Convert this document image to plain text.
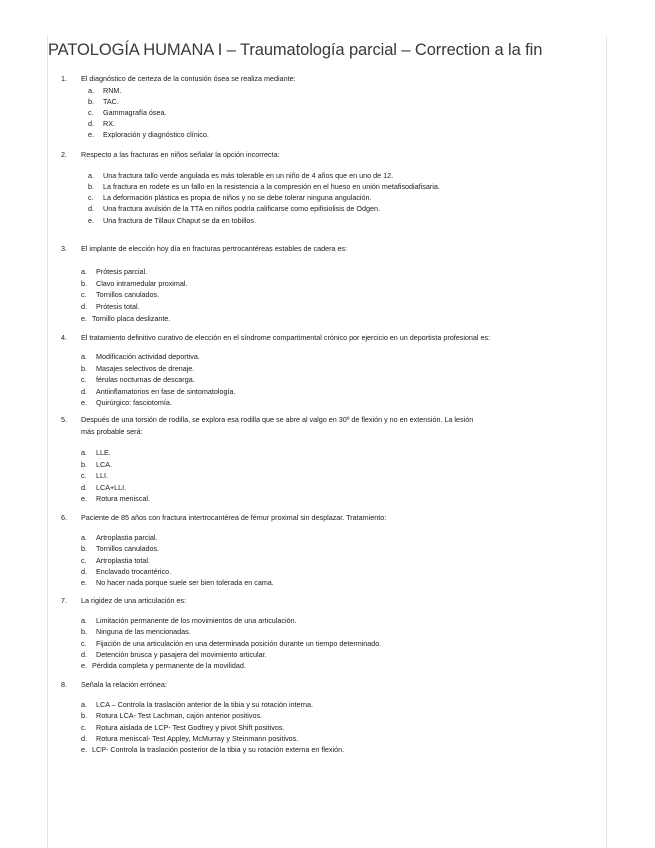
PATOLOGÍA HUMANA I – Traumatología parcial – Correction a la fin
1. El diagnóstico de certeza de la contusión ósea se realiza mediante:
a. RNM.
b. TAC.
c. Gammagrafía ósea.
d. RX.
e. Exploración y diagnóstico clínico.
2. Respecto a las fracturas en niños señalar la opción incorrecta:
a. Una fractura tallo verde angulada es más tolerable en un niño de 4 años que en uno de 12.
b. La fractura en rodete es un fallo en la resistencia a la compresión en el hueso en unión metafisodiafisaria.
c. La deformación plástica es propia de niños y no se debe tolerar ninguna angulación.
d. Una fractura avulsión de la TTA en niños podría calificarse como epifisiolisis de Odgen.
e. Una fractura de Tillaux Chaput se da en tobillos.
3. El implante de elección hoy día en fracturas pertrocantéreas estables de cadera es:
a. Prótesis parcial.
b. Clavo intramedular proximal.
c. Tornillos canulados.
d. Prótesis total.
e. Tornillo placa deslizante.
4. El tratamiento definitivo curativo de elección en el síndrome compartimental crónico por ejercicio en un deportista profesional es:
a. Modificación actividad deportiva.
b. Masajes selectivos de drenaje.
c. férulas nocturnas de descarga.
d. Antiinflamatorios en fase de sintomatología.
e. Quirúrgico: fasciotomía.
5. Después de una torsión de rodilla, se explora esa rodilla que se abre al valgo en 30º de flexión y no en extensión. La lesión
más probable será:
a. LLE.
b. LCA.
c. LLI.
d. LCA+LLI.
e. Rotura meniscal.
6. Paciente de 85 años con fractura intertrocantérea de fémur proximal sin desplazar. Tratamiento:
a. Artroplastia parcial.
b. Tornillos canulados.
c. Artroplastia total.
d. Enclavado trocantérico.
e. No hacer nada porque suele ser bien tolerada en cama.
7. La rigidez de una articulación es:
a. Limitación permanente de los movimientos de una articulación.
b. Ninguna de las mencionadas.
c. Fijación de una articulación en una determinada posición durante un tiempo determinado.
d. Detención brusca y pasajera del movimiento articular.
e. Pérdida completa y permanente de la movilidad.
8. Señala la relación errónea:
a. LCA – Controla la traslación anterior de la tibia y su rotación interna.
b. Rotura LCA- Test Lachman, cajón anterior positivos.
c. Rotura aislada de LCP- Test Godfrey y pivot Shift positivos.
d. Rotura meniscal- Test Appley, McMurray y Steinmann positivos.
e. LCP- Controla la traslación posterior de la tibia y su rotación externa en flexión.
